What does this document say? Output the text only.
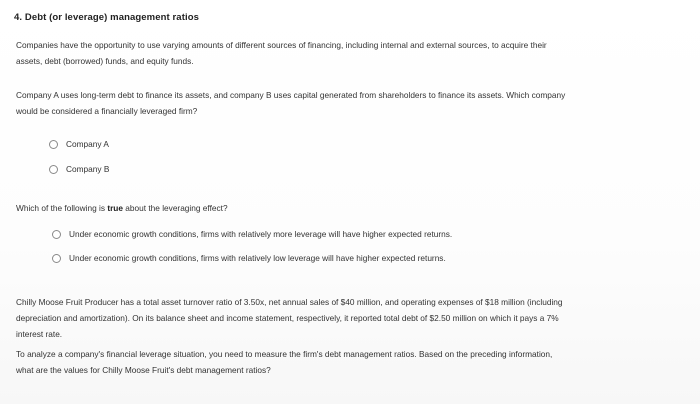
4. Debt (or leverage) management ratios
Companies have the opportunity to use varying amounts of different sources of financing, including internal and external sources, to acquire their
assets, debt (borrowed) funds, and equity funds.
Company A uses long-term debt to finance its assets, and company B uses capital generated from shareholders to finance its assets. Which company
would be considered a financially leveraged firm?
Company A
Company B
Which of the following is true about the leveraging effect?
Under economic growth conditions, firms with relatively more leverage will have higher expected returns.
Under economic growth conditions, firms with relatively low leverage will have higher expected returns.
Chilly Moose Fruit Producer has a total asset turnover ratio of 3.50x, net annual sales of $40 million, and operating expenses of $18 million (including
depreciation and amortization). On its balance sheet and income statement, respectively, it reported total debt of $2.50 million on which it pays a 7%
interest rate.
To analyze a company's financial leverage situation, you need to measure the firm's debt management ratios. Based on the preceding information,
what are the values for Chilly Moose Fruit's debt management ratios?
